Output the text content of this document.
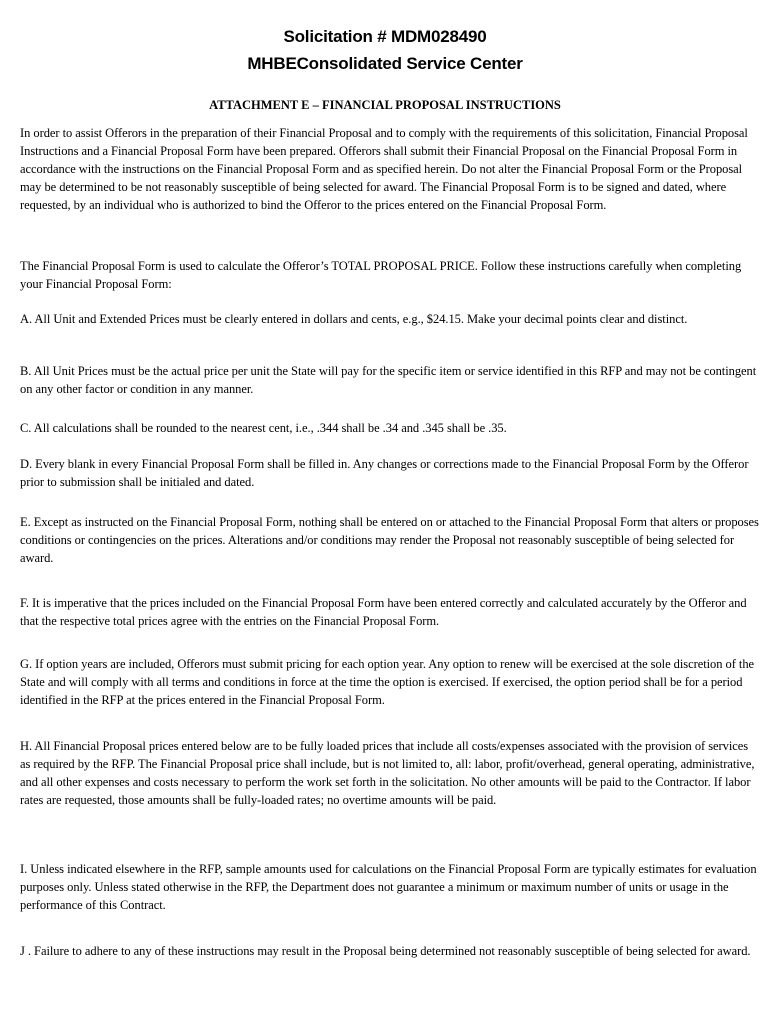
Solicitation # MDM028490
MHBEConsolidated Service Center
ATTACHMENT E – FINANCIAL PROPOSAL INSTRUCTIONS

In order to assist Offerors in the preparation of their Financial Proposal and to comply with the requirements of this solicitation, Financial Proposal Instructions and a Financial Proposal Form have been prepared. Offerors shall submit their Financial Proposal on the Financial Proposal Form in accordance with the instructions on the Financial Proposal Form and as specified herein. Do not alter the Financial Proposal Form or the Proposal may be determined to be not reasonably susceptible of being selected for award. The Financial Proposal Form is to be signed and dated, where requested, by an individual who is authorized to bind the Offeror to the prices entered on the Financial Proposal Form.

The Financial Proposal Form is used to calculate the Offeror’s TOTAL PROPOSAL PRICE. Follow these instructions carefully when completing your Financial Proposal Form:

A. All Unit and Extended Prices must be clearly entered in dollars and cents, e.g., $24.15. Make your decimal points clear and distinct.

B. All Unit Prices must be the actual price per unit the State will pay for the specific item or service identified in this RFP and may not be contingent on any other factor or condition in any manner.

C. All calculations shall be rounded to the nearest cent, i.e., .344 shall be .34 and .345 shall be .35.

D. Every blank in every Financial Proposal Form shall be filled in. Any changes or corrections made to the Financial Proposal Form by the Offeror prior to submission shall be initialed and dated.

E. Except as instructed on the Financial Proposal Form, nothing shall be entered on or attached to the Financial Proposal Form that alters or proposes conditions or contingencies on the prices. Alterations and/or conditions may render the Proposal not reasonably susceptible of being selected for award.

F. It is imperative that the prices included on the Financial Proposal Form have been entered correctly and calculated accurately by the Offeror and that the respective total prices agree with the entries on the Financial Proposal Form.

G. If option years are included, Offerors must submit pricing for each option year. Any option to renew will be exercised at the sole discretion of the State and will comply with all terms and conditions in force at the time the option is exercised. If exercised, the option period shall be for a period identified in the RFP at the prices entered in the Financial Proposal Form.

H. All Financial Proposal prices entered below are to be fully loaded prices that include all costs/expenses associated with the provision of services as required by the RFP. The Financial Proposal price shall include, but is not limited to, all: labor, profit/overhead, general operating, administrative, and all other expenses and costs necessary to perform the work set forth in the solicitation. No other amounts will be paid to the Contractor. If labor rates are requested, those amounts shall be fully-loaded rates; no overtime amounts will be paid.

I. Unless indicated elsewhere in the RFP, sample amounts used for calculations on the Financial Proposal Form are typically estimates for evaluation purposes only. Unless stated otherwise in the RFP, the Department does not guarantee a minimum or maximum number of units or usage in the performance of this Contract.

J . Failure to adhere to any of these instructions may result in the Proposal being determined not reasonably susceptible of being selected for award.
